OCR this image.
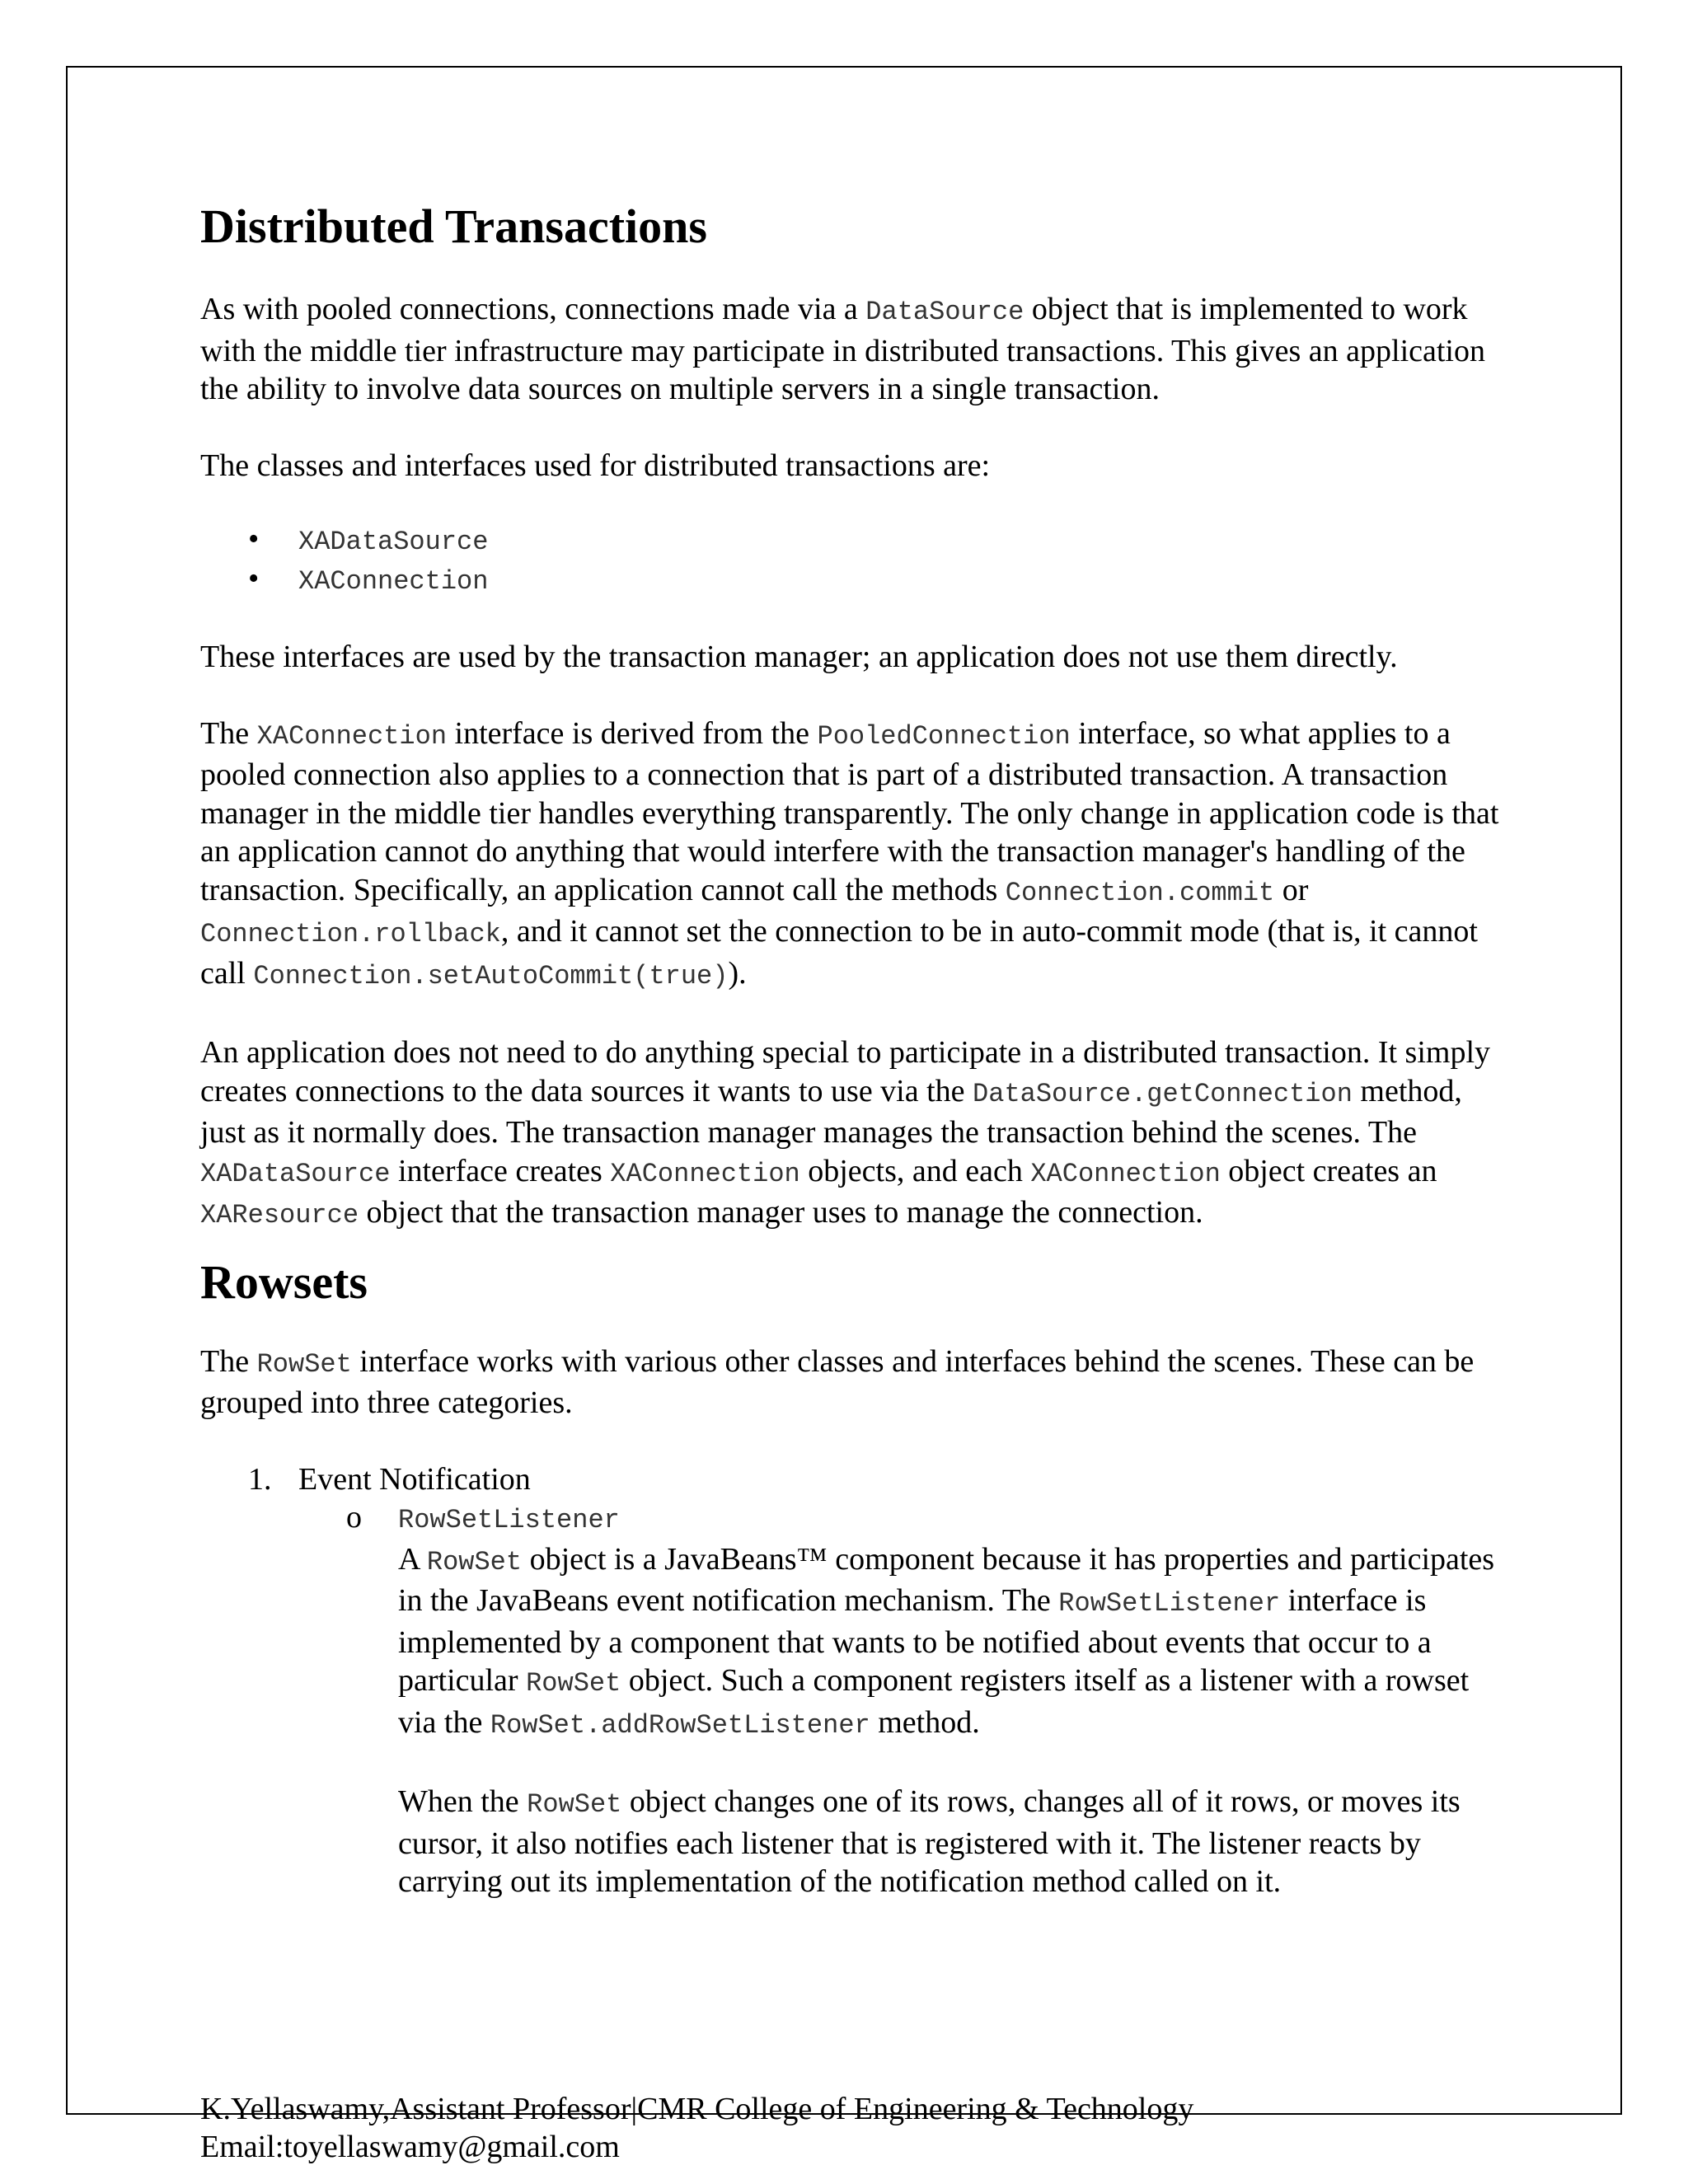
Distributed Transactions

As with pooled connections, connections made via a DataSource object that is implemented to work with the middle tier infrastructure may participate in distributed transactions. This gives an application the ability to involve data sources on multiple servers in a single transaction.

The classes and interfaces used for distributed transactions are:

• XADataSource
• XAConnection

These interfaces are used by the transaction manager; an application does not use them directly.

The XAConnection interface is derived from the PooledConnection interface, so what applies to a pooled connection also applies to a connection that is part of a distributed transaction. A transaction manager in the middle tier handles everything transparently. The only change in application code is that an application cannot do anything that would interfere with the transaction manager's handling of the transaction. Specifically, an application cannot call the methods Connection.commit or Connection.rollback, and it cannot set the connection to be in auto-commit mode (that is, it cannot call Connection.setAutoCommit(true)).

An application does not need to do anything special to participate in a distributed transaction. It simply creates connections to the data sources it wants to use via the DataSource.getConnection method, just as it normally does. The transaction manager manages the transaction behind the scenes. The XADataSource interface creates XAConnection objects, and each XAConnection object creates an XAResource object that the transaction manager uses to manage the connection.

Rowsets

The RowSet interface works with various other classes and interfaces behind the scenes. These can be grouped into three categories.

1. Event Notification
o RowSetListener

A RowSet object is a JavaBeans™ component because it has properties and participates in the JavaBeans event notification mechanism. The RowSetListener interface is implemented by a component that wants to be notified about events that occur to a particular RowSet object. Such a component registers itself as a listener with a rowset via the RowSet.addRowSetListener method.

When the RowSet object changes one of its rows, changes all of it rows, or moves its cursor, it also notifies each listener that is registered with it. The listener reacts by carrying out its implementation of the notification method called on it.

K.Yellaswamy,Assistant Professor|CMR College of Engineering & Technology
Email:toyellaswamy@gmail.com
